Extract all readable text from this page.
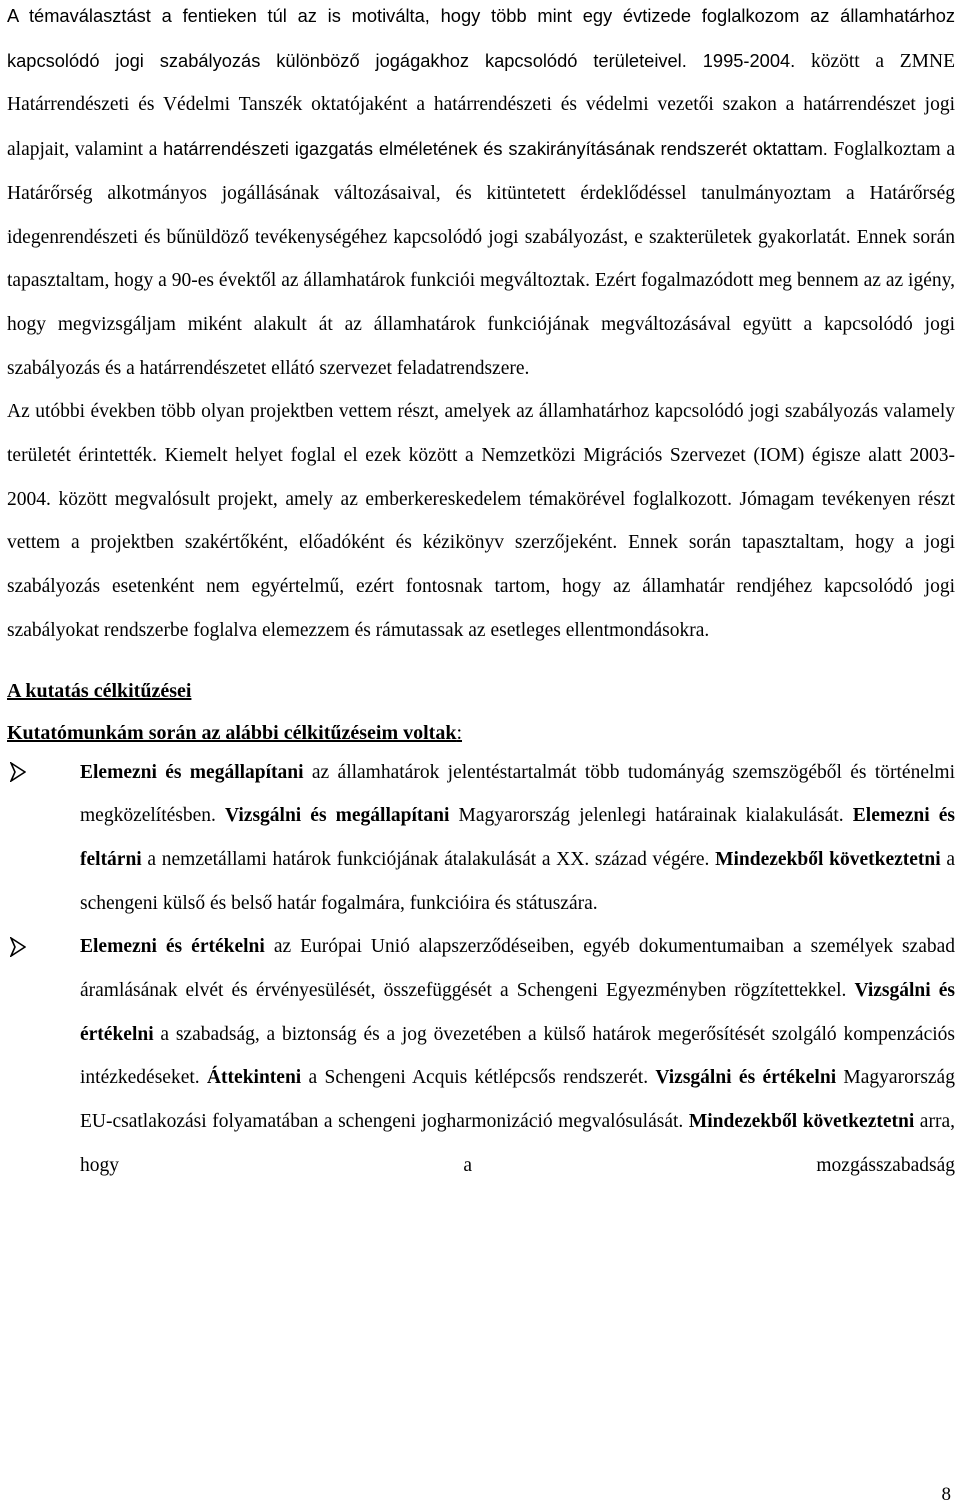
A témaválasztást a fentieken túl az is motiválta, hogy több mint egy évtizede foglalkozom az államhatárhoz kapcsolódó jogi szabályozás különböző jogágakhoz kapcsolódó területeivel. 1995-2004. között a ZMNE Határrendészeti és Védelmi Tanszék oktatójaként a határrendészeti és védelmi vezetői szakon a határrendészet jogi alapjait, valamint a határrendészeti igazgatás elméletének és szakirányításának rendszerét oktattam. Foglalkoztam a Határőrség alkotmányos jogállásának változásaival, és kitüntetett érdeklődéssel tanulmányoztam a Határőrség idegenrendészeti és bűnüldöző tevékenységéhez kapcsolódó jogi szabályozást, e szakterületek gyakorlatát. Ennek során tapasztaltam, hogy a 90-es évektől az államhatárok funkciói megváltoztak. Ezért fogalmazódott meg bennem az az igény, hogy megvizsgáljam miként alakult át az államhatárok funkciójának megváltozásával együtt a kapcsolódó jogi szabályozás és a határrendészetet ellátó szervezet feladatrendszere.

Az utóbbi években több olyan projektben vettem részt, amelyek az államhatárhoz kapcsolódó jogi szabályozás valamely területét érintették. Kiemelt helyet foglal el ezek között a Nemzetközi Migrációs Szervezet (IOM) égisze alatt 2003-2004. között megvalósult projekt, amely az emberkereskedelem témakörével foglalkozott. Jómagam tevékenyen részt vettem a projektben szakértőként, előadóként és kézikönyv szerzőjeként. Ennek során tapasztaltam, hogy a jogi szabályozás esetenként nem egyértelmű, ezért fontosnak tartom, hogy az államhatár rendjéhez kapcsolódó jogi szabályokat rendszerbe foglalva elemezzem és rámutassak az esetleges ellentmondásokra.

A kutatás célkitűzései

Kutatómunkám során az alábbi célkitűzéseim voltak:

Elemezni és megállapítani az államhatárok jelentéstartalmát több tudományág szemszögéből és történelmi megközelítésben. Vizsgálni és megállapítani Magyarország jelenlegi határainak kialakulását. Elemezni és feltárni a nemzetállami határok funkciójának átalakulását a XX. század végére. Mindezekből következtetni a schengeni külső és belső határ fogalmára, funkcióira és státuszára.
Elemezni és értékelni az Európai Unió alapszerződéseiben, egyéb dokumentumaiban a személyek szabad áramlásának elvét és érvényesülését, összefüggését a Schengeni Egyezményben rögzítettekkel. Vizsgálni és értékelni a szabadság, a biztonság és a jog övezetében a külső határok megerősítését szolgáló kompenzációs intézkedéseket. Áttekinteni a Schengeni Acquis kétlépcsős rendszerét. Vizsgálni és értékelni Magyarország EU-csatlakozási folyamatában a schengeni jogharmonizáció megvalósulását. Mindezekből következtetni arra, hogy a mozgásszabadság
8
